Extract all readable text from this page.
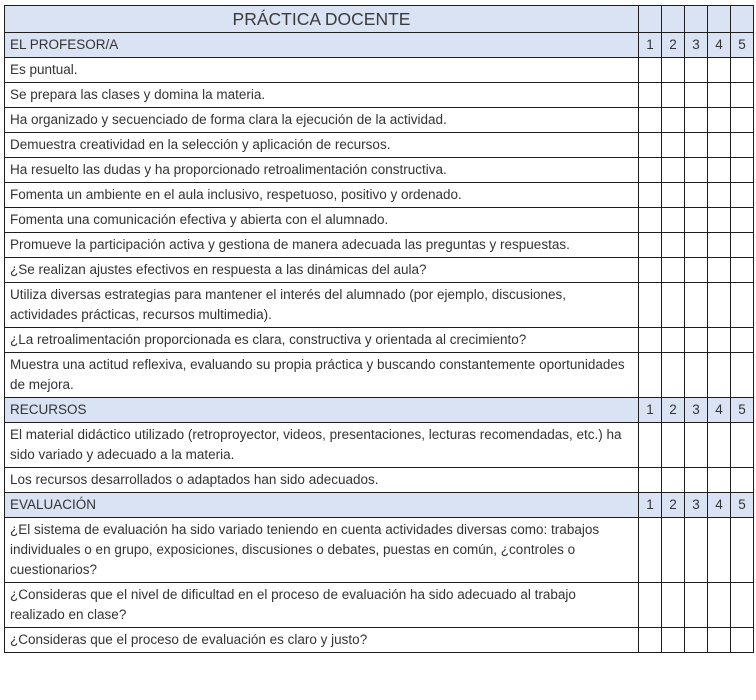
PRÁCTICA DOCENTE					
EL PROFESOR/A	1	2	3	4	5
Es puntual.					
Se prepara las clases y domina la materia.					
Ha organizado y secuenciado de forma clara la ejecución de la actividad.					
Demuestra creatividad en la selección y aplicación de recursos.					
Ha resuelto las dudas y ha proporcionado retroalimentación constructiva.					
Fomenta un ambiente en el aula inclusivo, respetuoso, positivo y ordenado.					
Fomenta una comunicación efectiva y abierta con el alumnado.					
Promueve la participación activa y gestiona de manera adecuada las preguntas y respuestas.					
¿Se realizan ajustes efectivos en respuesta a las dinámicas del aula?					
Utiliza diversas estrategias para mantener el interés del alumnado (por ejemplo, discusiones, actividades prácticas, recursos multimedia).					
¿La retroalimentación proporcionada es clara, constructiva y orientada al crecimiento?					
Muestra una actitud reflexiva, evaluando su propia práctica y buscando constantemente oportunidades de mejora.					
RECURSOS	1	2	3	4	5
El material didáctico utilizado (retroproyector, videos, presentaciones, lecturas recomendadas, etc.) ha sido variado y adecuado a la materia.					
Los recursos desarrollados o adaptados han sido adecuados.					
EVALUACIÓN	1	2	3	4	5
¿El sistema de evaluación ha sido variado teniendo en cuenta actividades diversas como: trabajos individuales o en grupo, exposiciones, discusiones o debates, puestas en común, ¿controles o cuestionarios?					
¿Consideras que el nivel de dificultad en el proceso de evaluación ha sido adecuado al trabajo realizado en clase?					
¿Consideras que el proceso de evaluación es claro y justo?					
